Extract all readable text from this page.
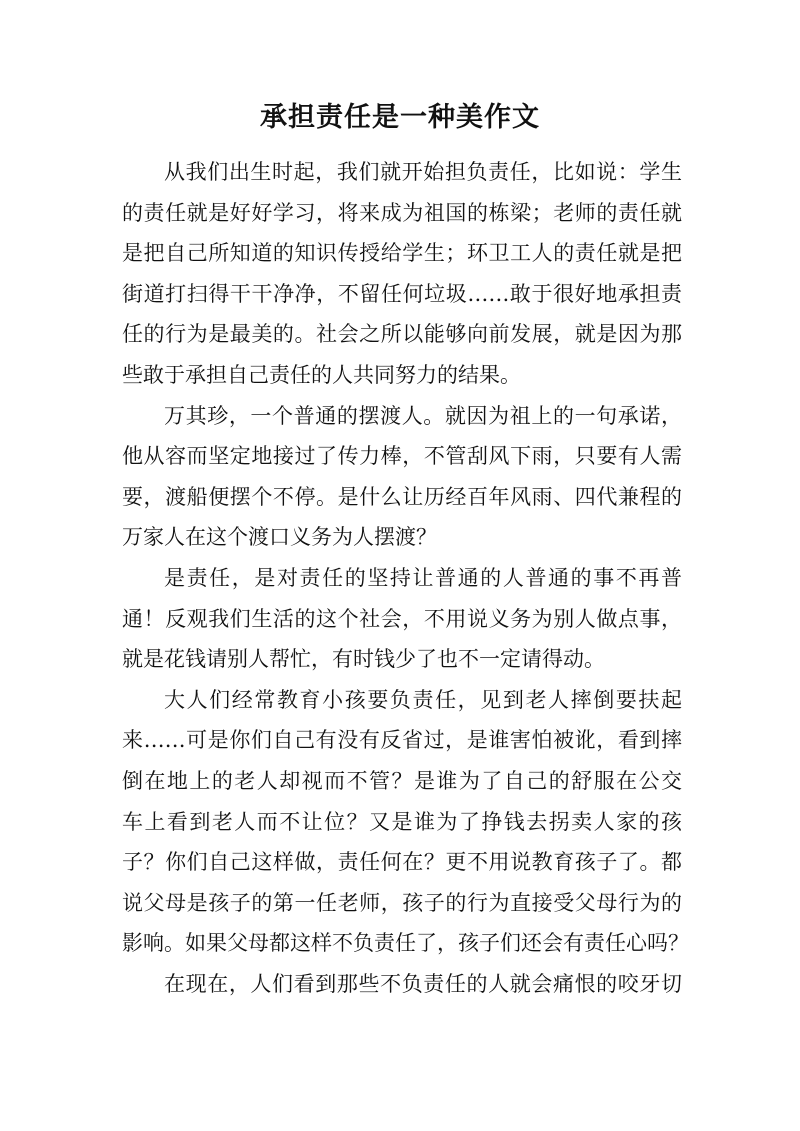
承担责任是一种美作文
从我们出生时起，我们就开始担负责任，比如说：学生
的责任就是好好学习，将来成为祖国的栋梁；老师的责任就
是把自己所知道的知识传授给学生；环卫工人的责任就是把
街道打扫得干干净净，不留任何垃圾……敢于很好地承担责
任的行为是最美的。社会之所以能够向前发展，就是因为那
些敢于承担自己责任的人共同努力的结果。
万其珍，一个普通的摆渡人。就因为祖上的一句承诺，
他从容而坚定地接过了传力棒，不管刮风下雨，只要有人需
要，渡船便摆个不停。是什么让历经百年风雨、四代兼程的
万家人在这个渡口义务为人摆渡？
是责任，是对责任的坚持让普通的人普通的事不再普
通！反观我们生活的这个社会，不用说义务为别人做点事，
就是花钱请别人帮忙，有时钱少了也不一定请得动。
大人们经常教育小孩要负责任，见到老人摔倒要扶起
来……可是你们自己有没有反省过，是谁害怕被讹，看到摔
倒在地上的老人却视而不管？是谁为了自己的舒服在公交
车上看到老人而不让位？又是谁为了挣钱去拐卖人家的孩
子？你们自己这样做，责任何在？更不用说教育孩子了。都
说父母是孩子的第一任老师，孩子的行为直接受父母行为的
影响。如果父母都这样不负责任了，孩子们还会有责任心吗？
在现在，人们看到那些不负责任的人就会痛恨的咬牙切
